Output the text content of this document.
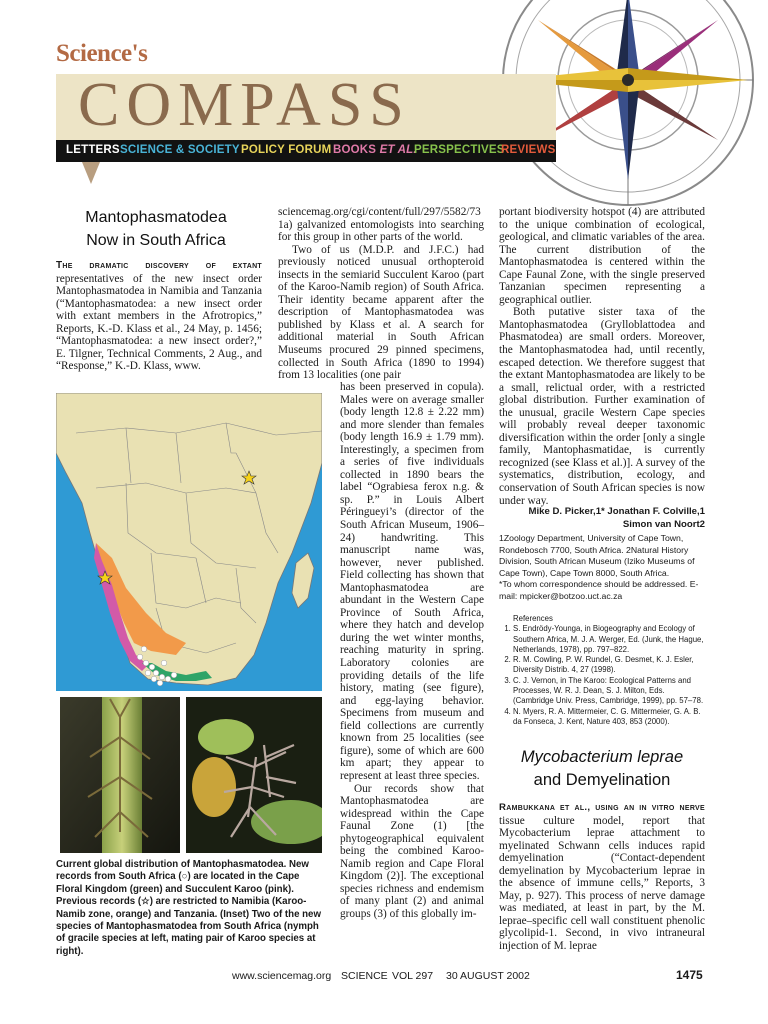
Science's
COMPASS
LETTERS SCIENCE & SOCIETY POLICY FORUM BOOKS ET AL.
PERSPECTIVES
REVIEWS
Mantophasmatodea
Now in South Africa

The dramatic discovery of extant representatives of the new insect order Mantophasmatodea in Namibia and Tanzania (“Mantophasmatodea: a new insect order with extant members in the Afrotropics,” Reports, K.-D. Klass et al., 24 May, p. 1456; “Mantophasmatodea: a new insect order?,” E. Tilgner, Technical Comments, 2 Aug., and “Response,” K.-D. Klass, www.

Current global distribution of Mantophasmatodea. New records from South Africa (○) are located in the Cape Floral Kingdom (green) and Succulent Karoo (pink). Previous records (☆) are restricted to Namibia (Karoo-Namib zone, orange) and Tanzania. (Inset) Two of the new species of Mantophasmatodea from South Africa (nymph of gracile species at left, mating pair of Karoo species at right).

sciencemag.org/cgi/content/full/297/5582/73 1a) galvanized entomologists into searching for this group in other parts of the world.

Two of us (M.D.P. and J.F.C.) had previously noticed unusual orthopteroid insects in the semiarid Succulent Karoo (part of the Karoo-Namib region) of South Africa. Their identity became apparent after the description of Mantophasmatodea was published by Klass et al. A search for additional material in South African Museums procured 29 pinned specimens, collected in South Africa (1890 to 1994) from 13 localities (one pair

has been preserved in copula). Males were on average smaller (body length 12.8 ± 2.22 mm) and more slender than females (body length 16.9 ± 1.79 mm). Interestingly, a specimen from a series of five individuals collected in 1890 bears the label “Ograbiesa ferox n.g. & sp. P.” in Louis Albert Péringueyi’s (director of the South African Museum, 1906–24) handwriting. This manuscript name was, however, never published. Field collecting has shown that Mantophasmatodea are abundant in the Western Cape Province of South Africa, where they hatch and develop during the wet winter months, reaching maturity in spring. Laboratory colonies are providing details of the life history, mating (see figure), and egg-laying behavior. Specimens from museum and field collections are currently known from 25 localities (see figure), some of which are 600 km apart; they appear to represent at least three species.

Our records show that Mantophasmatodea are widespread within the Cape Faunal Zone (1) [the phytogeographical equivalent being the combined Karoo-Namib region and Cape Floral Kingdom (2)]. The exceptional species richness and endemism of many plant (2) and animal groups (3) of this globally im-

portant biodiversity hotspot (4) are attributed to the unique combination of ecological, geological, and climatic variables of the area. The current distribution of the Mantophasmatodea is centered within the Cape Faunal Zone, with the single preserved Tanzanian specimen representing a geographical outlier.

Both putative sister taxa of the Mantophasmatodea (Grylloblattodea and Phasmatodea) are small orders. Moreover, the Mantophasmatodea had, until recently, escaped detection. We therefore suggest that the extant Mantophasmatodea are likely to be a small, relictual order, with a restricted global distribution. Further examination of the unusual, gracile Western Cape species will probably reveal deeper taxonomic diversification within the order [only a single family, Mantophasmatidae, is currently recognized (see Klass et al.)]. A survey of the systematics, distribution, ecology, and conservation of South African species is now under way.

Mike D. Picker,1* Jonathan F. Colville,1
Simon van Noort2
1Zoology Department, University of Cape Town, Rondebosch 7700, South Africa. 2Natural History Division, South African Museum (Iziko Museums of Cape Town), Cape Town 8000, South Africa.
*To whom correspondence should be addressed. E-mail: mpicker@botzoo.uct.ac.za
References
1. S. Endrödy-Younga, in Biogeography and Ecology of Southern Africa, M. J. A. Werger, Ed. (Junk, the Hague, Netherlands, 1978), pp. 797–822.
2. R. M. Cowling, P. W. Rundel, G. Desmet, K. J. Esler, Diversity Distrib. 4, 27 (1998).
3. C. J. Vernon, in The Karoo: Ecological Patterns and Processes, W. R. J. Dean, S. J. Milton, Eds. (Cambridge Univ. Press, Cambridge, 1999), pp. 57–78.
4. N. Myers, R. A. Mittermeier, C. G. Mittermeier, G. A. B. da Fonseca, J. Kent, Nature 403, 853 (2000).
Mycobacterium leprae
and Demyelination

Rambukkana et al., using an in vitro nerve tissue culture model, report that Mycobacterium leprae attachment to myelinated Schwann cells induces rapid demyelination (“Contact-dependent demyelination by Mycobacterium leprae in the absence of immune cells,” Reports, 3 May, p. 927). This process of nerve damage was mediated, at least in part, by the M. leprae–specific cell wall constituent phenolic glycolipid-1. Second, in vivo intraneural injection of M. leprae

www.sciencemag.org SCIENCE VOL 297 30 AUGUST 2002	1475
